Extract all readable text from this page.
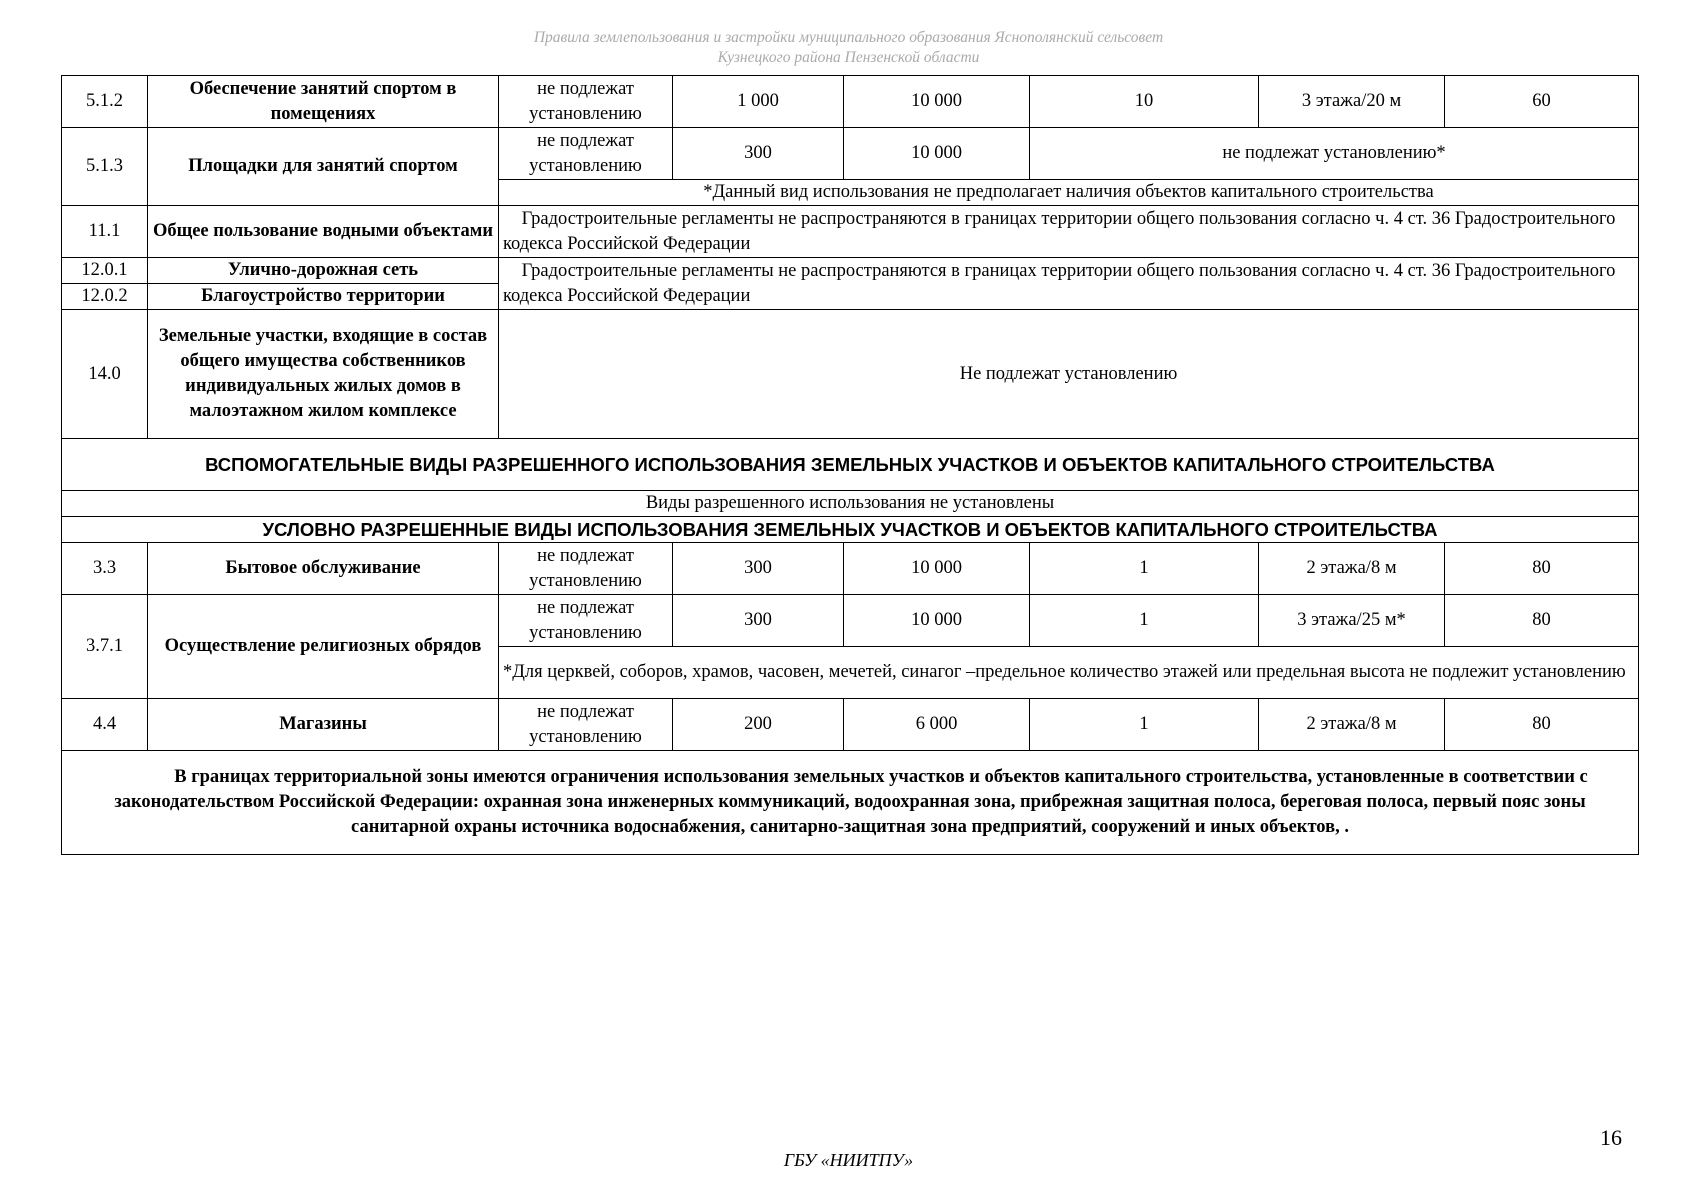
Правила землепользования и застройки муниципального образования Яснополянский сельсовет
Кузнецкого района Пензенской области
5.1.2	Обеспечение занятий спортом в помещениях	не подлежат установлению	1 000	10 000	10	3 этажа/20 м	60
5.1.3	Площадки для занятий спортом	не подлежат установлению	300	10 000	не подлежат установлению*		
		*Данный вид использования не предполагает наличия объектов капитального строительства					
11.1	Общее пользование водными объектами	Градостроительные регламенты не распространяются в границах территории общего пользования согласно ч. 4 ст. 36 Градостроительного кодекса Российской Федерации					
12.0.1	Улично-дорожная сеть	Градостроительные регламенты не распространяются в границах территории общего пользования согласно ч. 4 ст. 36 Градостроительного кодекса Российской Федерации					
12.0.2	Благоустройство территории						
14.0	Земельные участки, входящие в состав общего имущества собственников индивидуальных жилых домов в малоэтажном жилом комплексе	Не подлежат установлению					
ВСПОМОГАТЕЛЬНЫЕ ВИДЫ РАЗРЕШЕННОГО ИСПОЛЬЗОВАНИЯ ЗЕМЕЛЬНЫХ УЧАСТКОВ И ОБЪЕКТОВ КАПИТАЛЬНОГО СТРОИТЕЛЬСТВА							
Виды разрешенного использования не установлены							
УСЛОВНО РАЗРЕШЕННЫЕ ВИДЫ ИСПОЛЬЗОВАНИЯ ЗЕМЕЛЬНЫХ УЧАСТКОВ И ОБЪЕКТОВ КАПИТАЛЬНОГО СТРОИТЕЛЬСТВА							
3.3	Бытовое обслуживание	не подлежат установлению	300	10 000	1	2 этажа/8 м	80
3.7.1	Осуществление религиозных обрядов	не подлежат установлению	300	10 000	1	3 этажа/25 м*	80
		*Для церквей, соборов, храмов, часовен, мечетей, синагог –предельное количество этажей или предельная высота не подлежит установлению					
4.4	Магазины	не подлежат установлению	200	6 000	1	2 этажа/8 м	80
В границах территориальной зоны имеются ограничения использования земельных участков и объектов капитального строительства, установленные в соответствии с законодательством Российской Федерации: охранная зона инженерных коммуникаций, водоохранная зона, прибрежная защитная полоса, береговая полоса, первый пояс зоны санитарной охраны источника водоснабжения, санитарно-защитная зона предприятий, сооружений и иных объектов, .							
16
ГБУ «НИИТПУ»
